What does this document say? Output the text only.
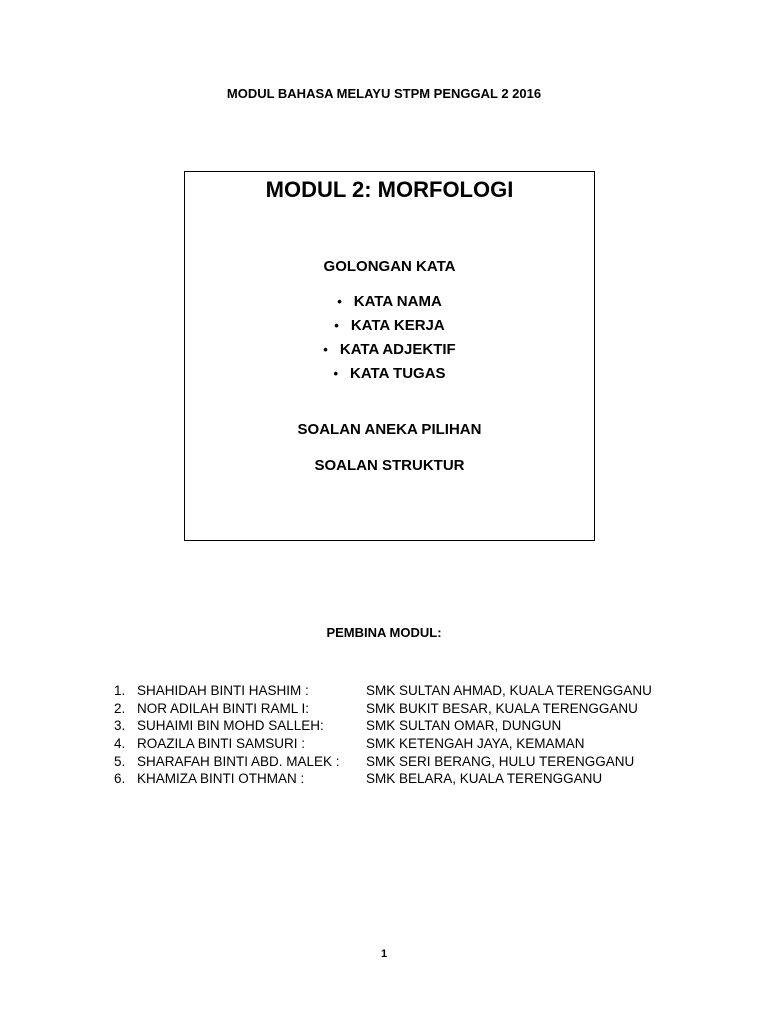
MODUL BAHASA MELAYU STPM PENGGAL 2 2016
MODUL 2: MORFOLOGI
GOLONGAN KATA
• KATA NAMA
• KATA KERJA
• KATA ADJEKTIF
• KATA TUGAS
SOALAN ANEKA PILIHAN
SOALAN STRUKTUR
PEMBINA MODUL:
1. SHAHIDAH BINTI HASHIM :	SMK SULTAN AHMAD, KUALA TERENGGANU
2. NOR ADILAH BINTI RAML I:	SMK BUKIT BESAR, KUALA TERENGGANU
3. SUHAIMI BIN MOHD SALLEH:	SMK SULTAN OMAR, DUNGUN
4. ROAZILA BINTI SAMSURI :	SMK KETENGAH JAYA, KEMAMAN
5. SHARAFAH BINTI ABD. MALEK : SMK SERI BERANG, HULU TERENGGANU
6. KHAMIZA BINTI OTHMAN :	SMK BELARA, KUALA TERENGGANU
1
